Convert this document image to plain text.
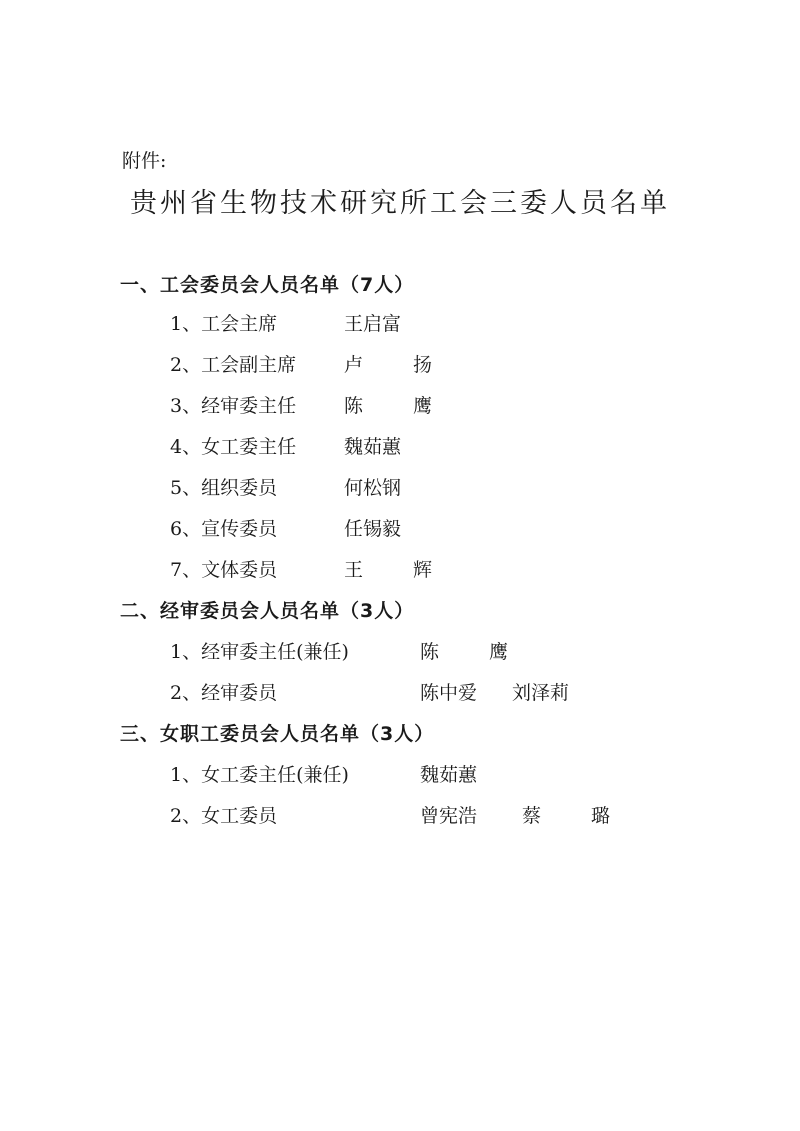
附件:
贵州省生物技术研究所工会三委人员名单
一、工会委员会人员名单（7人）
1、工会主席	王启富
2、工会副主席	卢 扬
3、经审委主任	陈 鹰
4、女工委主任	魏茹蕙
5、组织委员	何松钢
6、宣传委员	任锡毅
7、文体委员	王 辉
二、经审委员会人员名单（3人）
1、经审委主任(兼任)	陈 鹰
2、经审委员	陈中爱 刘泽莉
三、女职工委员会人员名单（3人）
1、女工委主任(兼任)	魏茹蕙
2、女工委员	曾宪浩 蔡 璐
